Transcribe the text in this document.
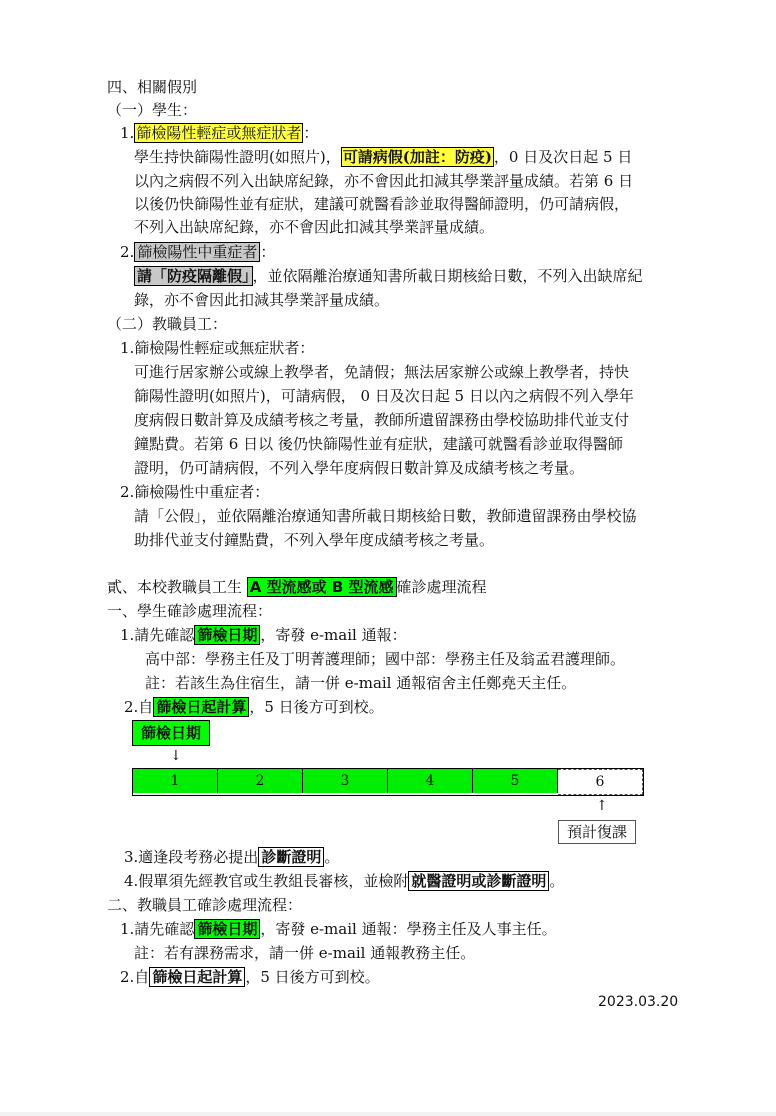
四、相關假別
（一）學生：
1. 篩檢陽性輕症或無症狀者 ：
學生持快篩陽性證明(如照片)， 可請病假(加註：防疫) ，0 日及次日起 5 日
以內之病假不列入出缺席紀錄，亦不會因此扣減其學業評量成績。若第 6 日
以後仍快篩陽性並有症狀，建議可就醫看診並取得醫師證明，仍可請病假，
不列入出缺席紀錄，亦不會因此扣減其學業評量成績。
2. 篩檢陽性中重症者 ：
請「防疫隔離假」 ，並依隔離治療通知書所載日期核給日數，不列入出缺席紀
錄，亦不會因此扣減其學業評量成績。
（二）教職員工：
1.篩檢陽性輕症或無症狀者：
可進行居家辦公或線上教學者，免請假；無法居家辦公或線上教學者，持快
篩陽性證明(如照片)，可請病假， 0 日及次日起 5 日以內之病假不列入學年
度病假日數計算及成績考核之考量，教師所遺留課務由學校協助排代並支付
鐘點費。若第 6 日以 後仍快篩陽性並有症狀，建議可就醫看診並取得醫師
證明，仍可請病假，不列入學年度病假日數計算及成績考核之考量。
2.篩檢陽性中重症者：
請「公假」，並依隔離治療通知書所載日期核給日數，教師遺留課務由學校協
助排代並支付鐘點費，不列入學年度成績考核之考量。
貳、本校教職員工生 A 型流感或 B 型流感 確診處理流程
一、學生確診處理流程：
1.請先確認 篩檢日期 ，寄發 e-mail 通報：
高中部：學務主任及丁明菁護理師；國中部：學務主任及翁孟君護理師。
註：若該生為住宿生，請一併 e-mail 通報宿舍主任鄭堯天主任。
2.自 篩檢日起計算 ，5 日後方可到校。
篩檢日期
↓
1	2	3	4	5	6
↑
預計復課
3.適逢段考務必提出 診斷證明 。
4.假單須先經教官或生教組長審核，並檢附 就醫證明或診斷證明 。
二、教職員工確診處理流程：
1.請先確認 篩檢日期 ，寄發 e-mail 通報：學務主任及人事主任。
註：若有課務需求，請一併 e-mail 通報教務主任。
2.自 篩檢日起計算 ，5 日後方可到校。
2023.03.20
